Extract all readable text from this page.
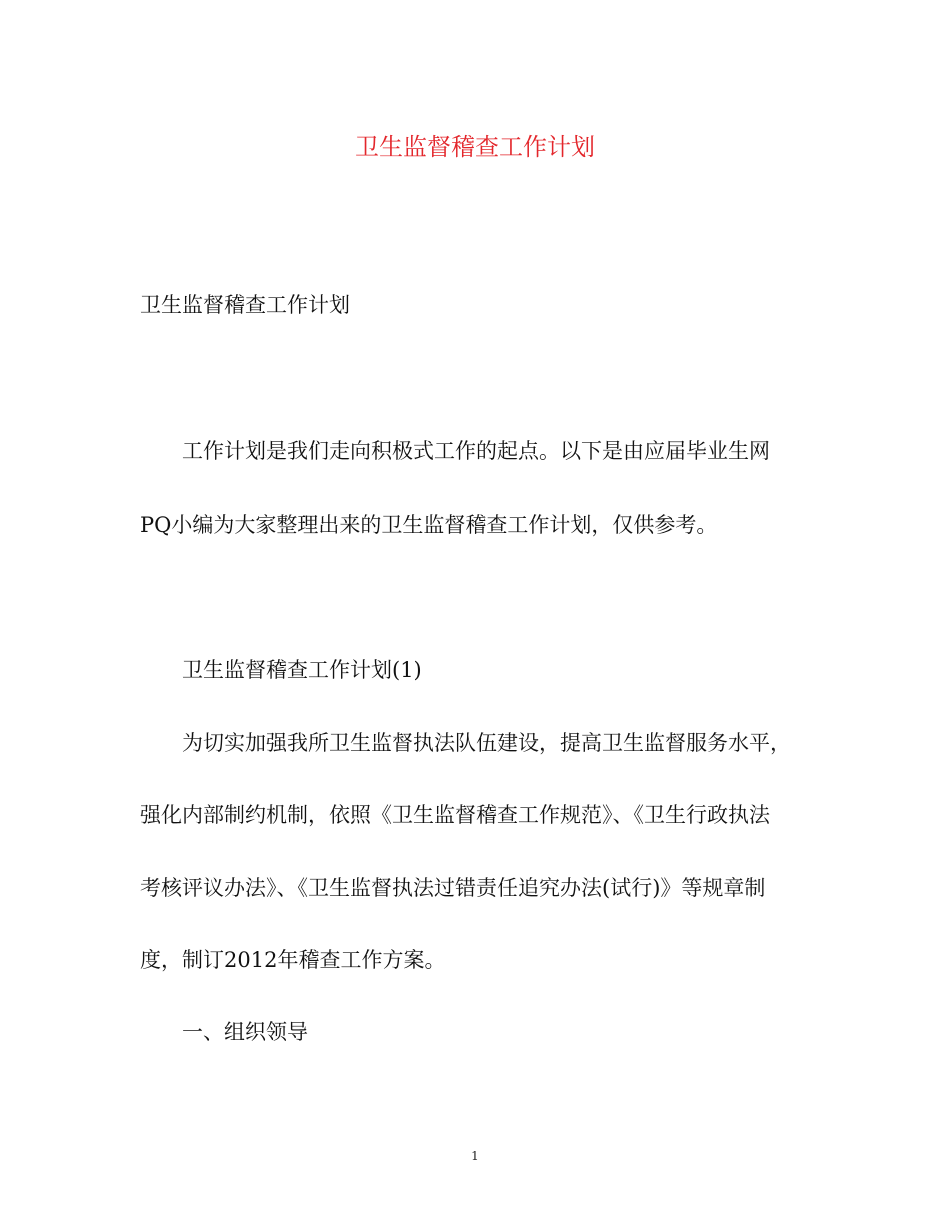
卫生监督稽查工作计划
卫生监督稽查工作计划
工作计划是我们走向积极式工作的起点。以下是由应届毕业生网
PQ小编为大家整理出来的卫生监督稽查工作计划，仅供参考。
卫生监督稽查工作计划(1)
为切实加强我所卫生监督执法队伍建设，提高卫生监督服务水平，
强化内部制约机制，依照《卫生监督稽查工作规范》、《卫生行政执法
考核评议办法》、《卫生监督执法过错责任追究办法(试行)》等规章制
度，制订2012年稽查工作方案。
一、组织领导
1
